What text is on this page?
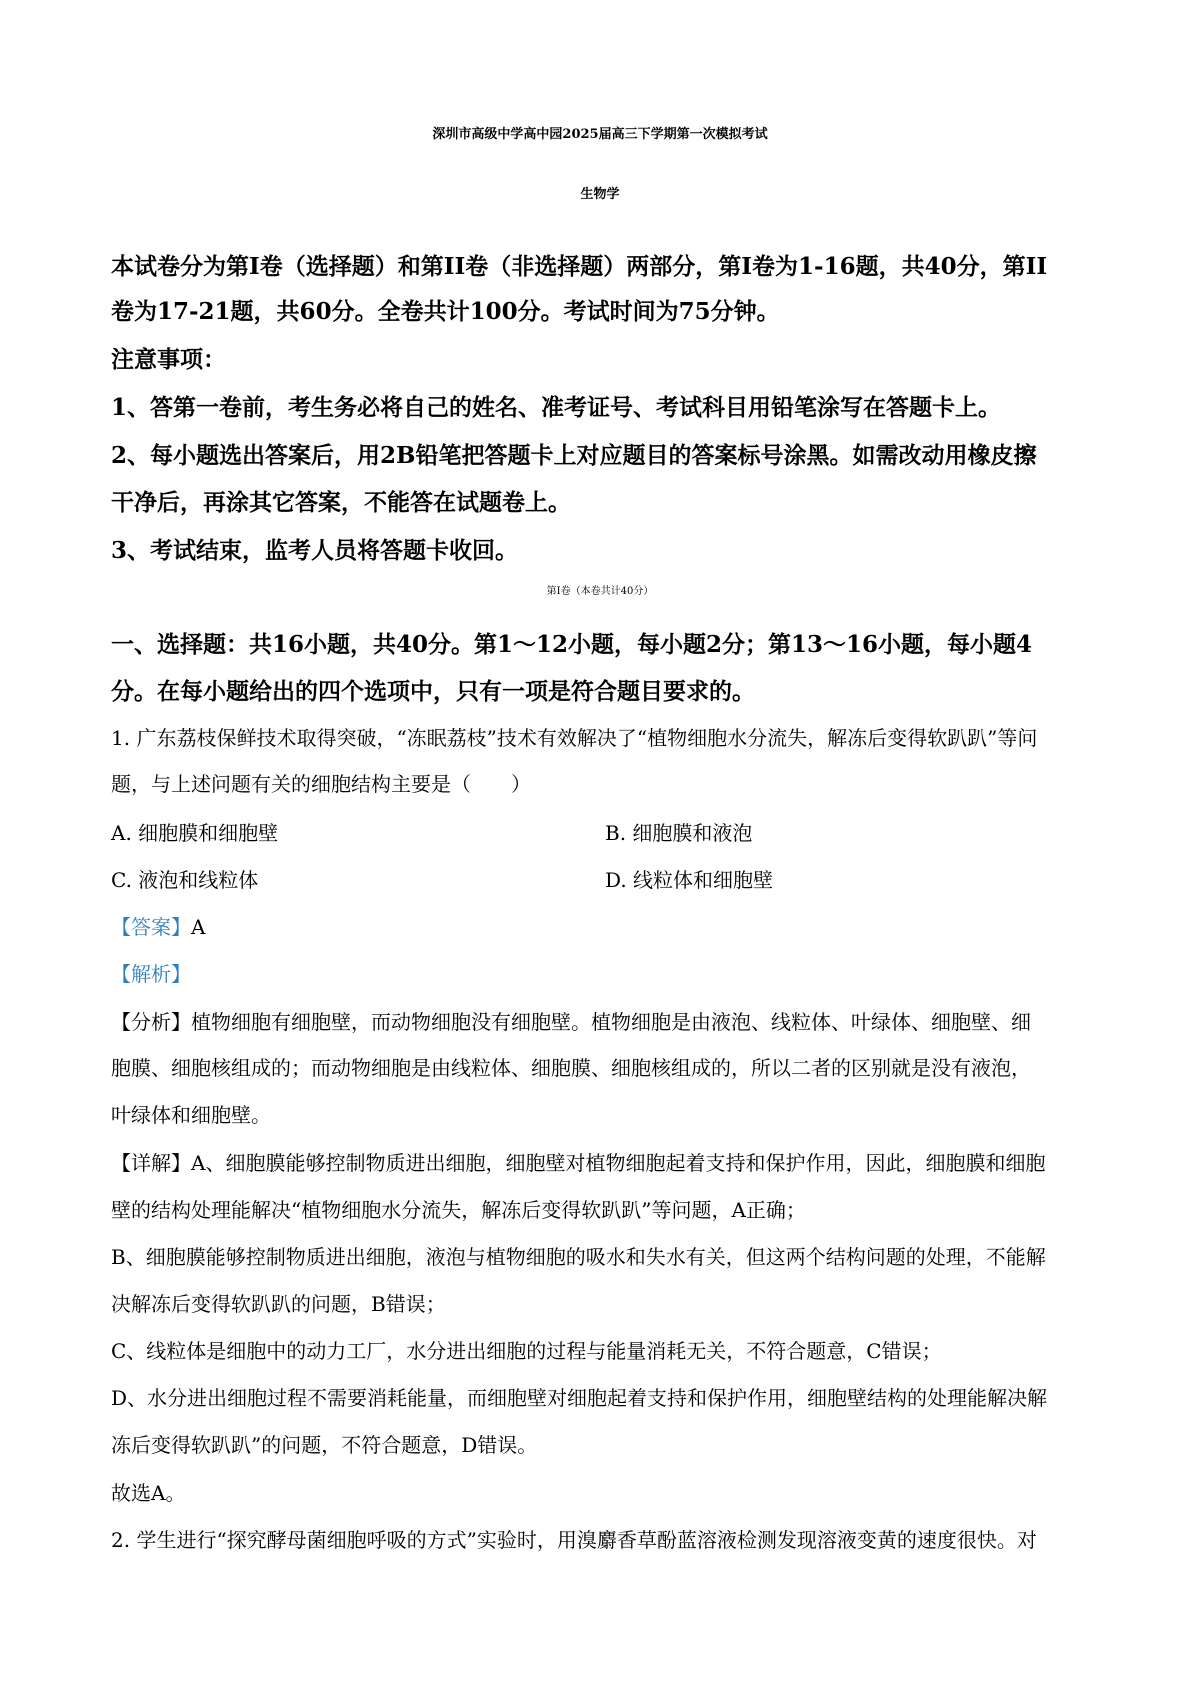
深圳市高级中学高中园2025届高三下学期第一次模拟考试
生物学
本试卷分为第I卷（选择题）和第II卷（非选择题）两部分，第I卷为1-16题，共40分，第II
卷为17-21题，共60分。全卷共计100分。考试时间为75分钟。
注意事项：
1、答第一卷前，考生务必将自己的姓名、准考证号、考试科目用铅笔涂写在答题卡上。
2、每小题选出答案后，用2B铅笔把答题卡上对应题目的答案标号涂黑。如需改动用橡皮擦
干净后，再涂其它答案，不能答在试题卷上。
3、考试结束，监考人员将答题卡收回。
第I卷（本卷共计40分）
一、选择题：共16小题，共40分。第1～12小题，每小题2分；第13～16小题，每小题4
分。在每小题给出的四个选项中，只有一项是符合题目要求的。
1. 广东荔枝保鲜技术取得突破，“冻眠荔枝”技术有效解决了“植物细胞水分流失，解冻后变得软趴趴”等问
题，与上述问题有关的细胞结构主要是（　　）
A. 细胞膜和细胞壁	B. 细胞膜和液泡
C. 液泡和线粒体	D. 线粒体和细胞壁
【答案】A
【解析】
【分析】植物细胞有细胞壁，而动物细胞没有细胞壁。植物细胞是由液泡、线粒体、叶绿体、细胞壁、细
胞膜、细胞核组成的；而动物细胞是由线粒体、细胞膜、细胞核组成的，所以二者的区别就是没有液泡，
叶绿体和细胞壁。
【详解】A、细胞膜能够控制物质进出细胞，细胞壁对植物细胞起着支持和保护作用，因此，细胞膜和细胞
壁的结构处理能解决“植物细胞水分流失，解冻后变得软趴趴”等问题，A正确；
B、细胞膜能够控制物质进出细胞，液泡与植物细胞的吸水和失水有关，但这两个结构问题的处理，不能解
决解冻后变得软趴趴的问题，B错误；
C、线粒体是细胞中的动力工厂，水分进出细胞的过程与能量消耗无关，不符合题意，C错误；
D、水分进出细胞过程不需要消耗能量，而细胞壁对细胞起着支持和保护作用，细胞壁结构的处理能解决解
冻后变得软趴趴”的问题，不符合题意，D错误。
故选A。
2. 学生进行“探究酵母菌细胞呼吸的方式”实验时，用溴麝香草酚蓝溶液检测发现溶液变黄的速度很快。对
